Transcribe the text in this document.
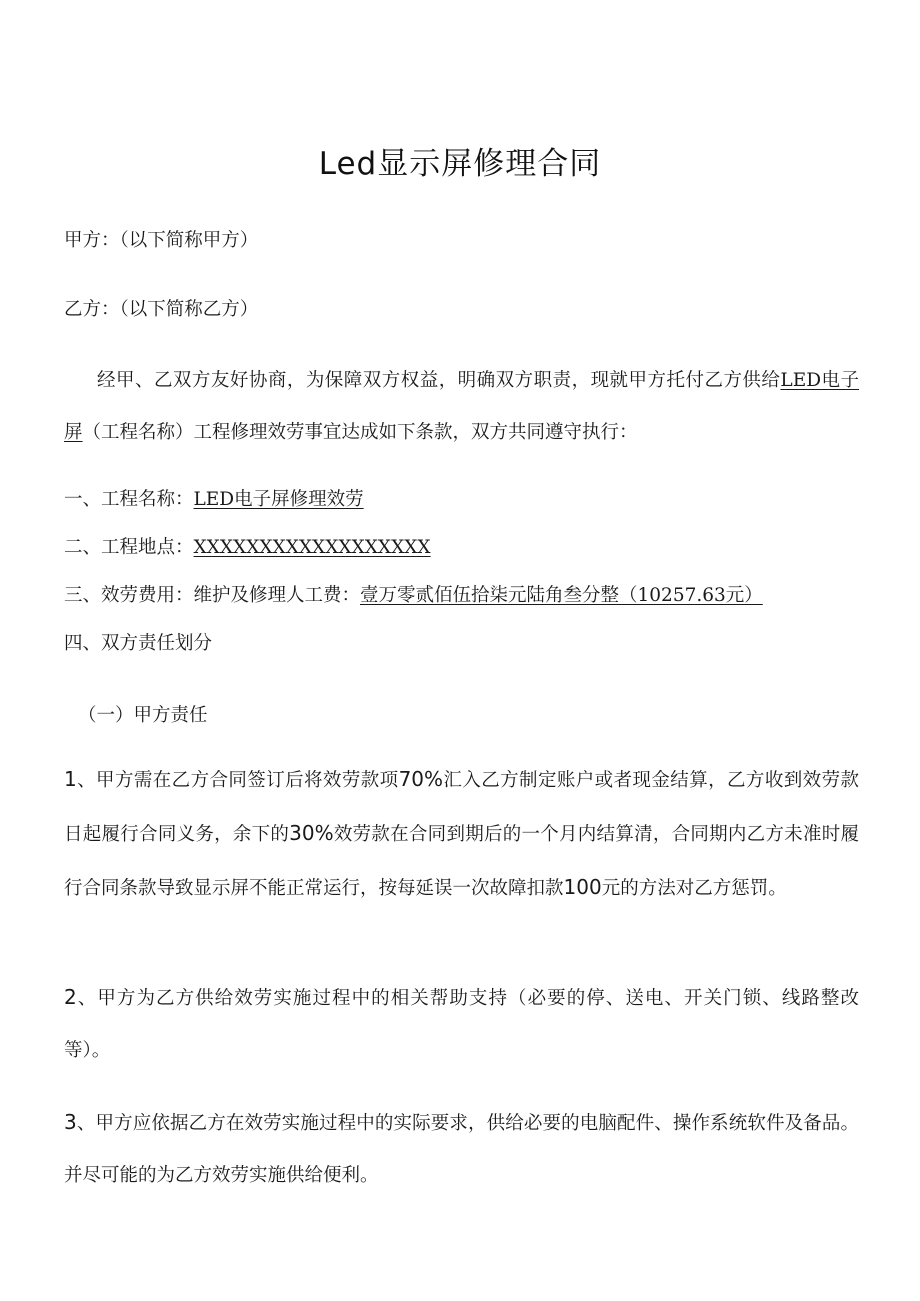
Led显示屏修理合同
甲方：（以下简称甲方）
乙方：（以下简称乙方）
经甲、乙双方友好协商，为保障双方权益，明确双方职责，现就甲方托付乙方供给LED电子屏（工程名称）工程修理效劳事宜达成如下条款，双方共同遵守执行：
一、工程名称：LED电子屏修理效劳
二、工程地点：XXXXXXXXXXXXXXXXXX
三、效劳费用：维护及修理人工费：壹万零贰佰伍拾柒元陆角叁分整（10257.63元）
四、双方责任划分
（一）甲方责任
1、甲方需在乙方合同签订后将效劳款项70%汇入乙方制定账户或者现金结算，乙方收到效劳款日起履行合同义务，余下的30%效劳款在合同到期后的一个月内结算清，合同期内乙方未准时履行合同条款导致显示屏不能正常运行，按每延误一次故障扣款100元的方法对乙方惩罚。
2、甲方为乙方供给效劳实施过程中的相关帮助支持（必要的停、送电、开关门锁、线路整改等）。
3、甲方应依据乙方在效劳实施过程中的实际要求，供给必要的电脑配件、操作系统软件及备品。并尽可能的为乙方效劳实施供给便利。
